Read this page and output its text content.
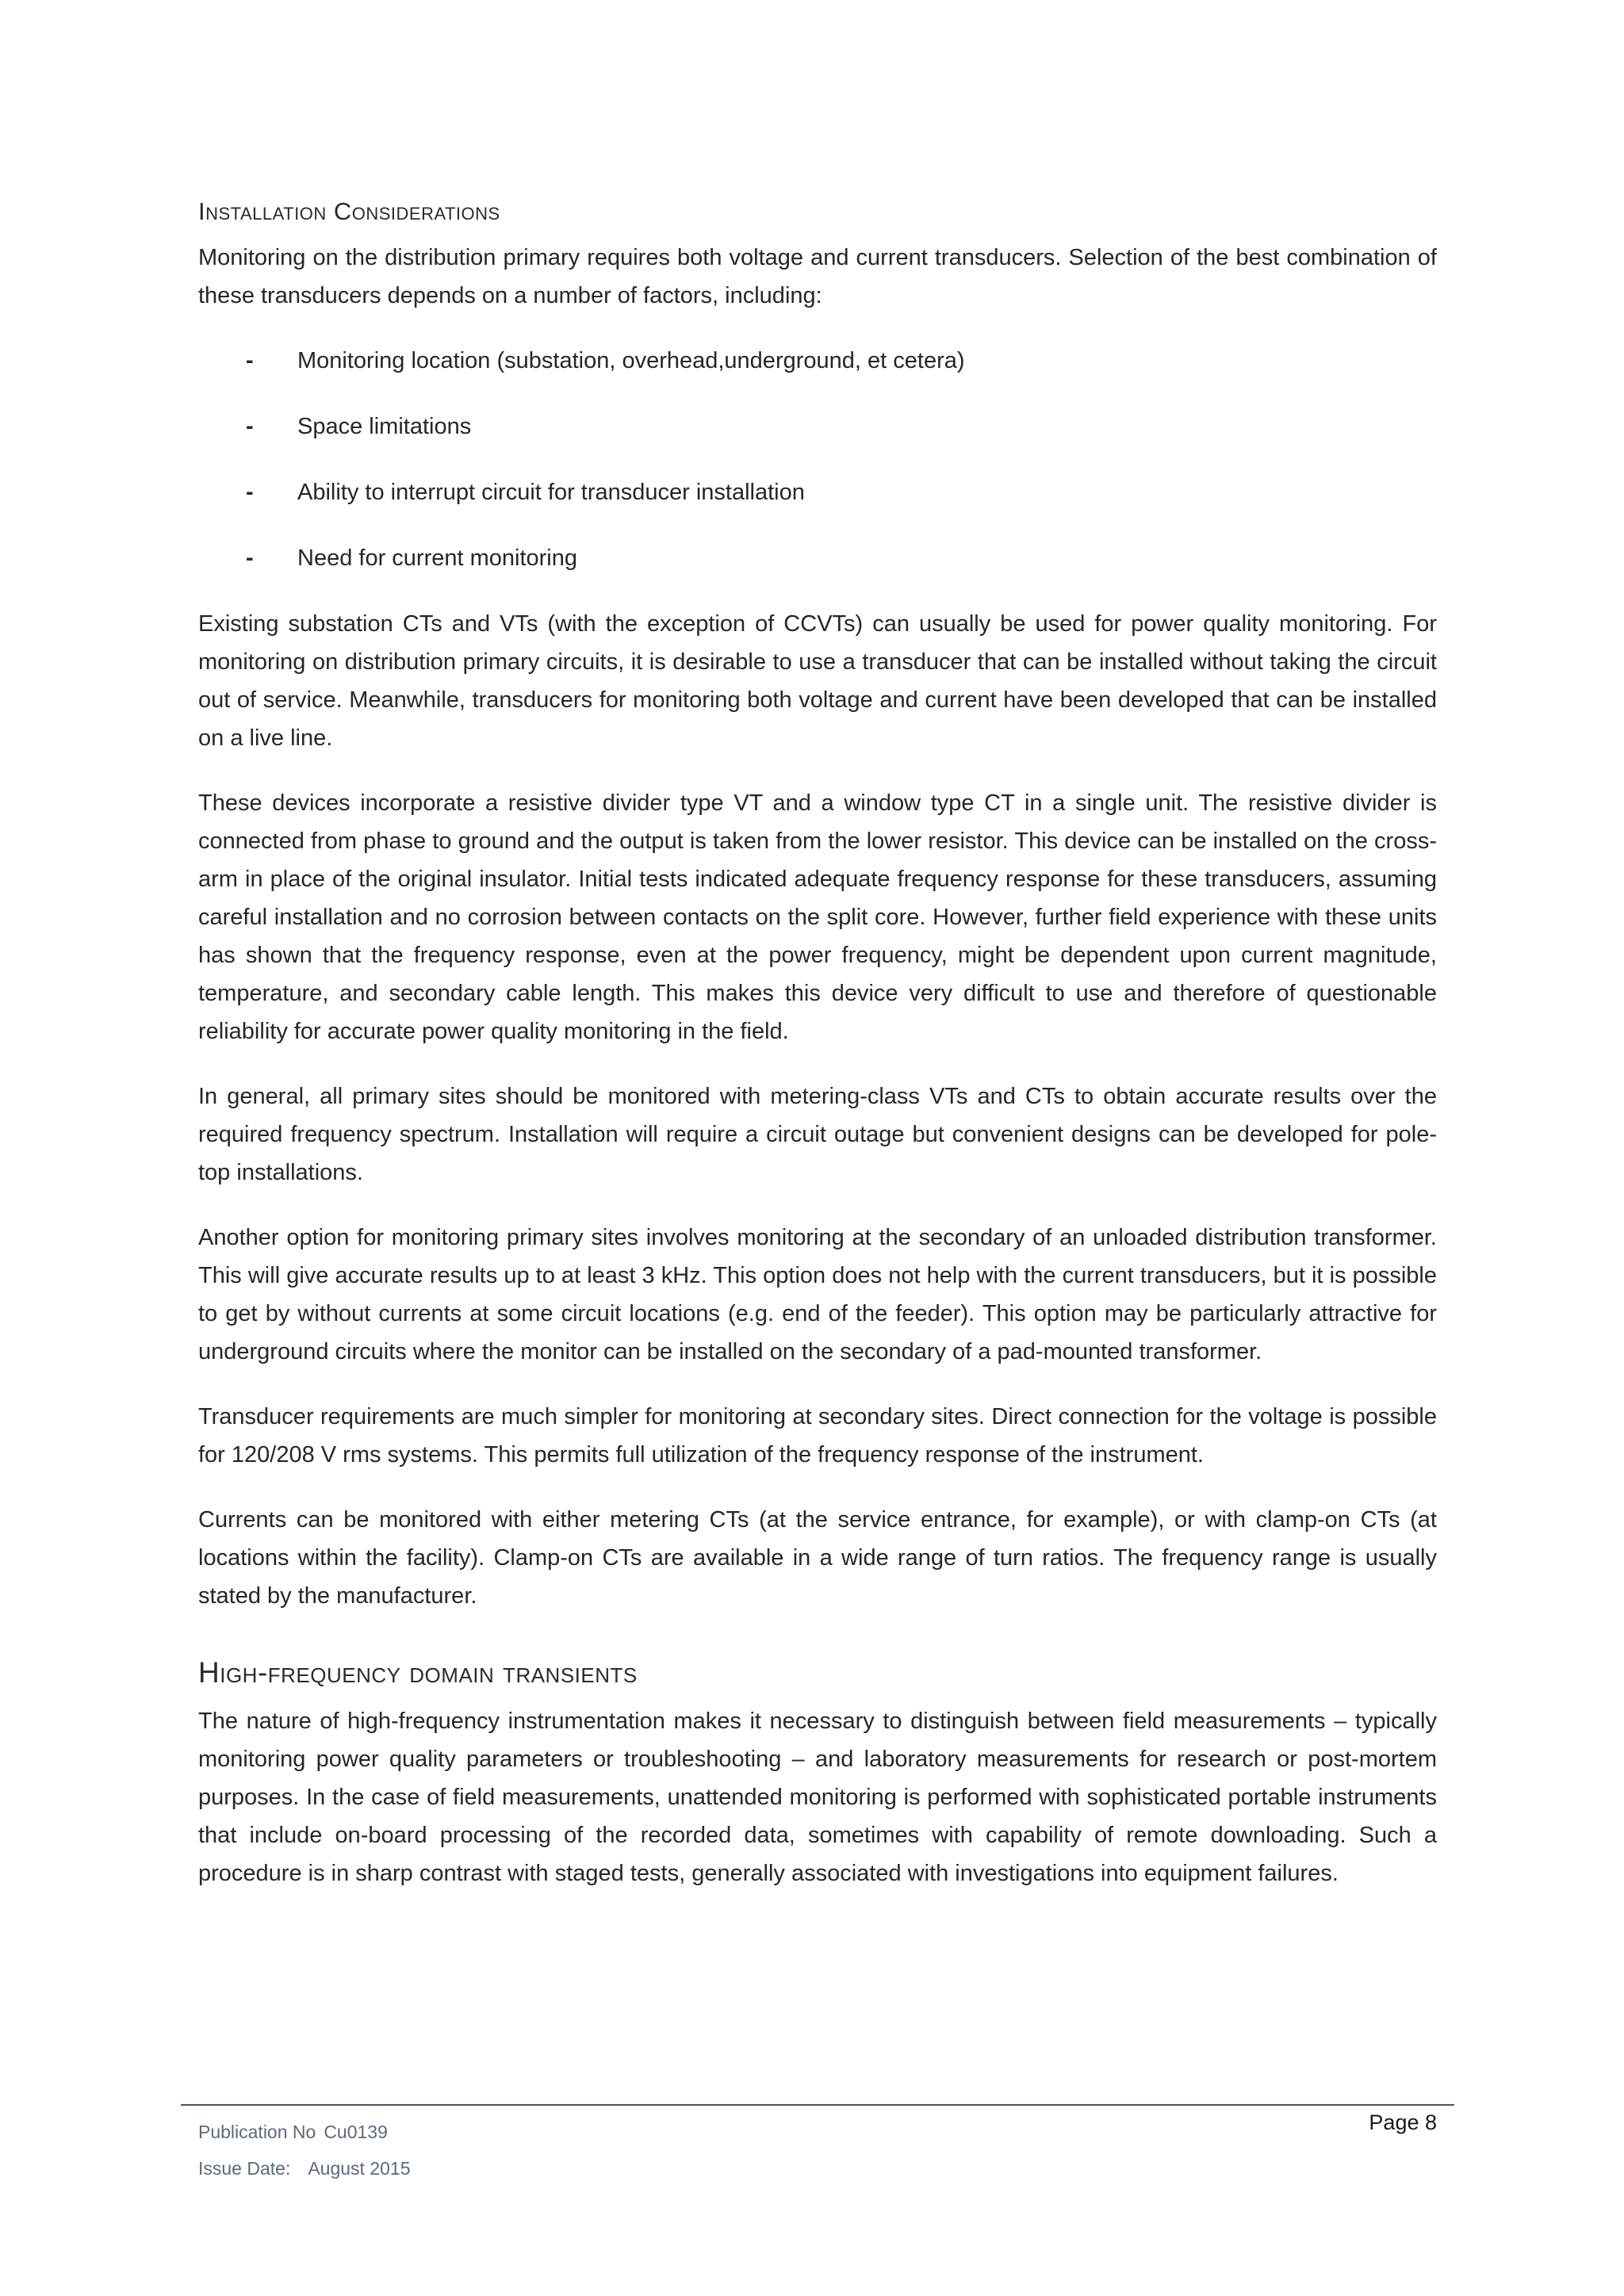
Installation Considerations

Monitoring on the distribution primary requires both voltage and current transducers. Selection of the best combination of these transducers depends on a number of factors, including:

- Monitoring location (substation, overhead,underground, et cetera)
- Space limitations
- Ability to interrupt circuit for transducer installation
- Need for current monitoring

Existing substation CTs and VTs (with the exception of CCVTs) can usually be used for power quality monitoring. For monitoring on distribution primary circuits, it is desirable to use a transducer that can be installed without taking the circuit out of service. Meanwhile, transducers for monitoring both voltage and current have been developed that can be installed on a live line.

These devices incorporate a resistive divider type VT and a window type CT in a single unit. The resistive divider is connected from phase to ground and the output is taken from the lower resistor. This device can be installed on the cross-arm in place of the original insulator. Initial tests indicated adequate frequency response for these transducers, assuming careful installation and no corrosion between contacts on the split core. However, further field experience with these units has shown that the frequency response, even at the power frequency, might be dependent upon current magnitude, temperature, and secondary cable length. This makes this device very difficult to use and therefore of questionable reliability for accurate power quality monitoring in the field.

In general, all primary sites should be monitored with metering-class VTs and CTs to obtain accurate results over the required frequency spectrum. Installation will require a circuit outage but convenient designs can be developed for pole-top installations.

Another option for monitoring primary sites involves monitoring at the secondary of an unloaded distribution transformer. This will give accurate results up to at least 3 kHz. This option does not help with the current transducers, but it is possible to get by without currents at some circuit locations (e.g. end of the feeder). This option may be particularly attractive for underground circuits where the monitor can be installed on the secondary of a pad-mounted transformer.

Transducer requirements are much simpler for monitoring at secondary sites. Direct connection for the voltage is possible for 120/208 V rms systems. This permits full utilization of the frequency response of the instrument.

Currents can be monitored with either metering CTs (at the service entrance, for example), or with clamp-on CTs (at locations within the facility). Clamp-on CTs are available in a wide range of turn ratios. The frequency range is usually stated by the manufacturer.

High-frequency domain transients

The nature of high-frequency instrumentation makes it necessary to distinguish between field measurements – typically monitoring power quality parameters or troubleshooting – and laboratory measurements for research or post-mortem purposes. In the case of field measurements, unattended monitoring is performed with sophisticated portable instruments that include on-board processing of the recorded data, sometimes with capability of remote downloading. Such a procedure is in sharp contrast with staged tests, generally associated with investigations into equipment failures.

Publication No Cu0139
Issue Date: August 2015
Page 8
